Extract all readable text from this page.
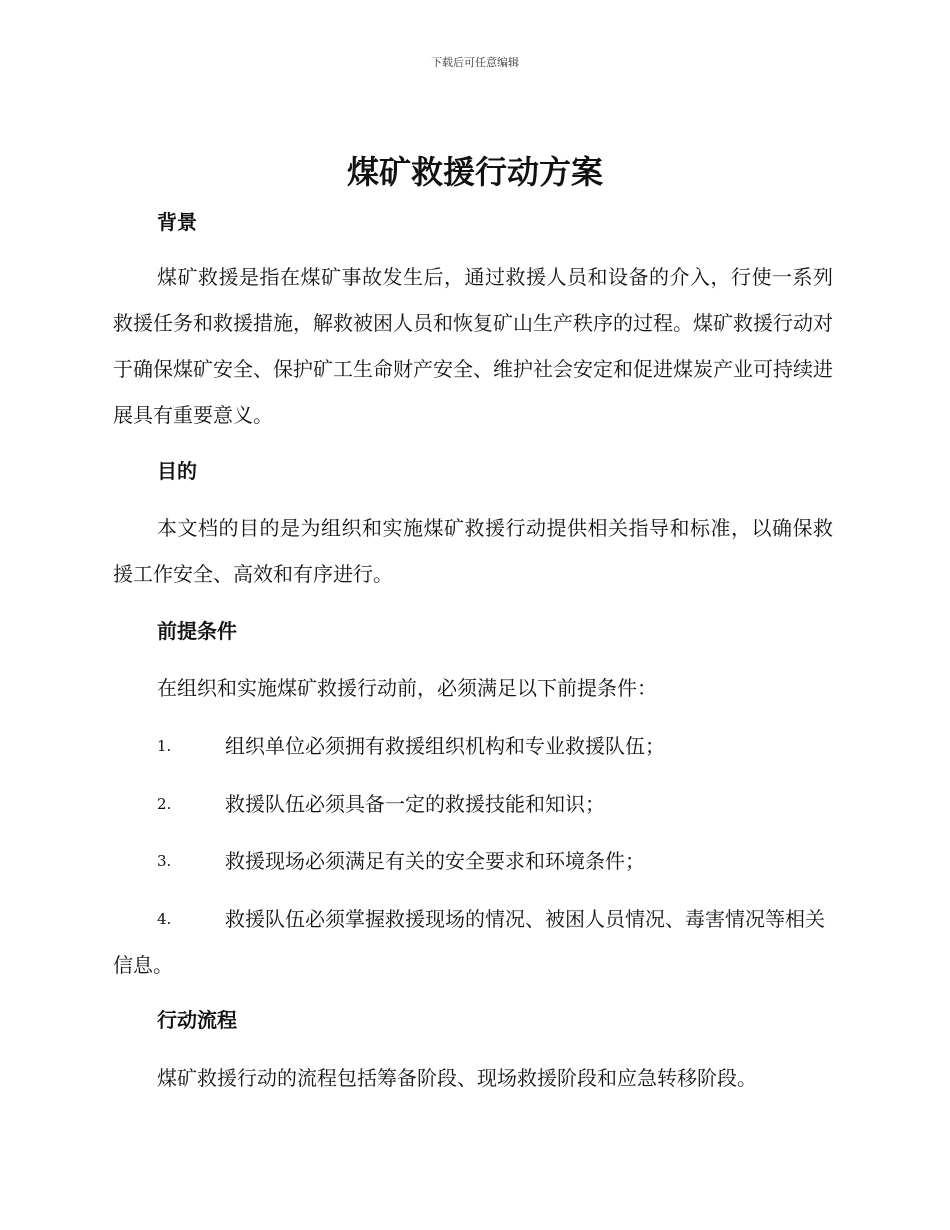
下载后可任意编辑
煤矿救援行动方案
背景
煤矿救援是指在煤矿事故发生后，通过救援人员和设备的介入，行使一系列救援任务和救援措施，解救被困人员和恢复矿山生产秩序的过程。煤矿救援行动对于确保煤矿安全、保护矿工生命财产安全、维护社会安定和促进煤炭产业可持续进展具有重要意义。
目的
本文档的目的是为组织和实施煤矿救援行动提供相关指导和标准，以确保救援工作安全、高效和有序进行。
前提条件
在组织和实施煤矿救援行动前，必须满足以下前提条件：
1.	组织单位必须拥有救援组织机构和专业救援队伍；
2.	救援队伍必须具备一定的救援技能和知识；
3.	救援现场必须满足有关的安全要求和环境条件；
4.	救援队伍必须掌握救援现场的情况、被困人员情况、毒害情况等相关信息。
行动流程
煤矿救援行动的流程包括筹备阶段、现场救援阶段和应急转移阶段。
